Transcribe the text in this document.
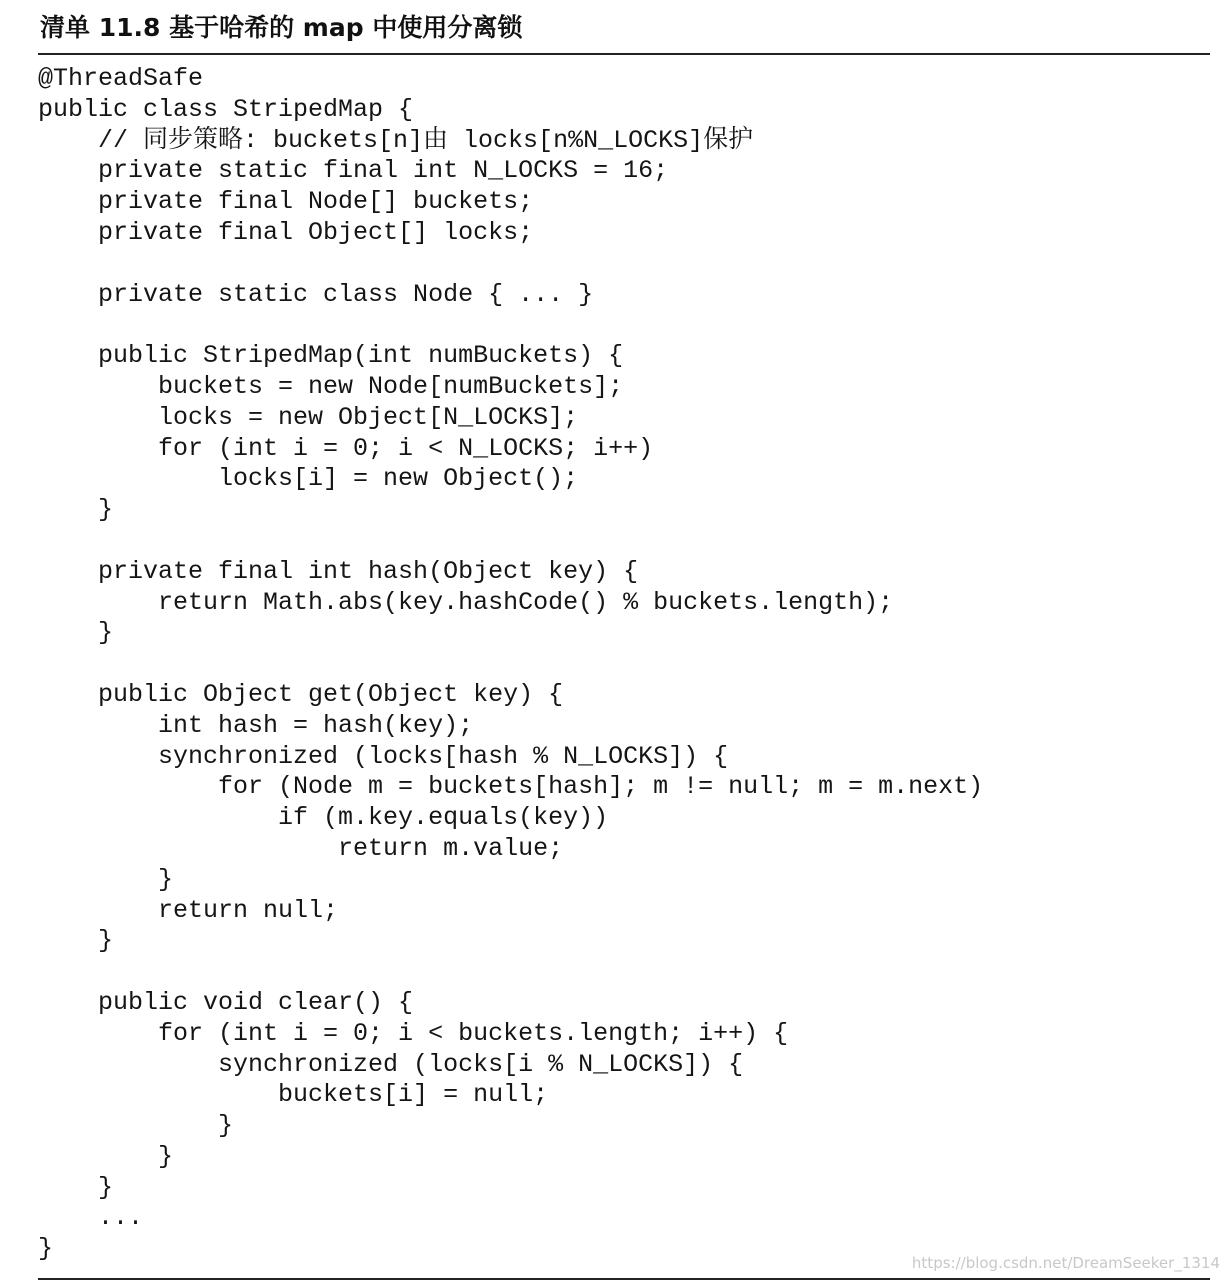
清单 11.8 基于哈希的 map 中使用分离锁
@ThreadSafe
public class StripedMap {
// 同步策略: buckets[n]由 locks[n%N_LOCKS]保护
private static final int N_LOCKS = 16;
private final Node[] buckets;
private final Object[] locks;
private static class Node { ... }
public StripedMap(int numBuckets) {
buckets = new Node[numBuckets];
locks = new Object[N_LOCKS];
for (int i = 0; i < N_LOCKS; i++)
locks[i] = new Object();
}
private final int hash(Object key) {
return Math.abs(key.hashCode() % buckets.length);
}
public Object get(Object key) {
int hash = hash(key);
synchronized (locks[hash % N_LOCKS]) {
for (Node m = buckets[hash]; m != null; m = m.next)
if (m.key.equals(key))
return m.value;
}
return null;
}
public void clear() {
for (int i = 0; i < buckets.length; i++) {
synchronized (locks[i % N_LOCKS]) {
buckets[i] = null;
}
}
}
...
}	https://blog.csdn.net/DreamSeeker_1314
